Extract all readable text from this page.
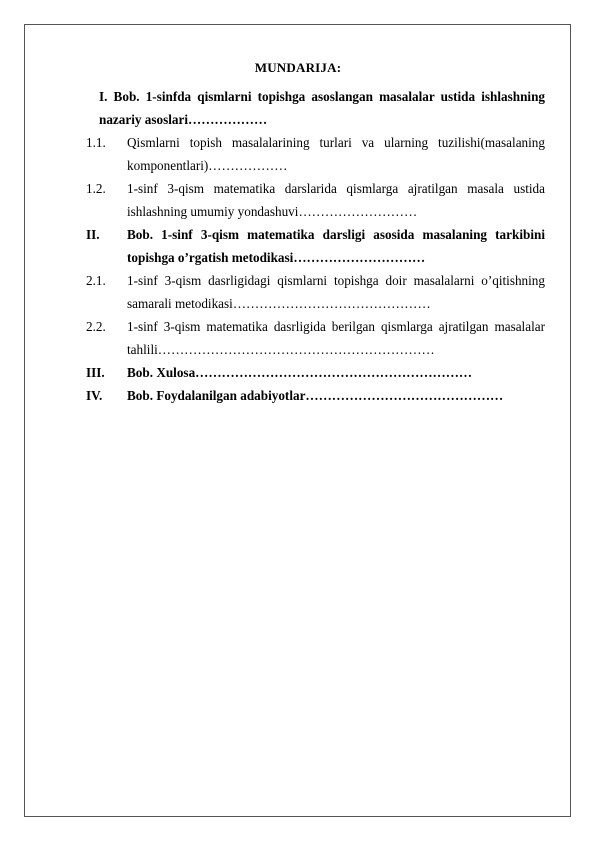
MUNDARIJA:
I. Bob. 1-sinfda qismlarni topishga asoslangan masalalar ustida ishlashning nazariy asoslari………………
1.1. Qismlarni topish masalalarining turlari va ularning tuzilishi(masalaning komponentlari)………………
1.2. 1-sinf 3-qism matematika darslarida qismlarga ajratilgan masala ustida ishlashning umumiy yondashuvi………………………
II. Bob. 1-sinf 3-qism matematika darsligi asosida masalaning tarkibini topishga o’rgatish metodikasi…………………………
2.1. 1-sinf 3-qism dasrligidagi qismlarni topishga doir masalalarni o’qitishning samarali metodikasi………………………………………
2.2. 1-sinf 3-qism matematika dasrligida berilgan qismlarga ajratilgan masalalar tahlili………………………………………………………
III. Bob. Xulosa………………………………………………………
IV. Bob. Foydalanilgan adabiyotlar………………………………………
